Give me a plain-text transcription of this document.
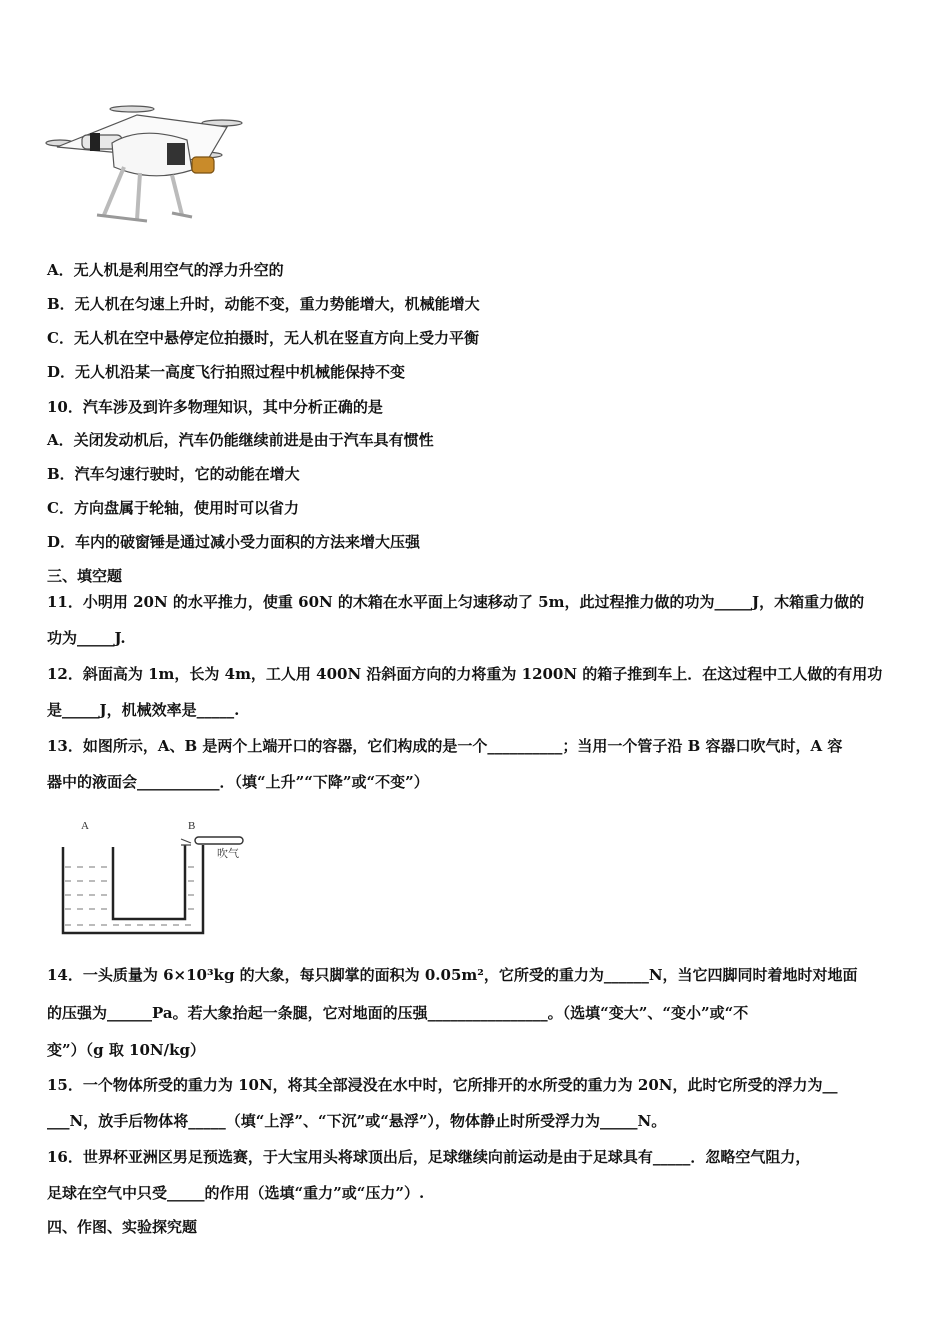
A．无人机是利用空气的浮力升空的
B．无人机在匀速上升时，动能不变，重力势能增大，机械能增大
C．无人机在空中悬停定位拍摄时，无人机在竖直方向上受力平衡
D．无人机沿某一高度飞行拍照过程中机械能保持不变
10．汽车涉及到许多物理知识，其中分析正确的是
A．关闭发动机后，汽车仍能继续前进是由于汽车具有惯性
B．汽车匀速行驶时，它的动能在增大
C．方向盘属于轮轴，使用时可以省力
D．车内的破窗锤是通过减小受力面积的方法来增大压强
三、填空题
11．小明用 20N 的水平推力，使重 60N 的木箱在水平面上匀速移动了 5m，此过程推力做的功为_____J，木箱重力做的
功为_____J.
12．斜面高为 1m，长为 4m，工人用 400N 沿斜面方向的力将重为 1200N 的箱子推到车上．在这过程中工人做的有用功
是_____J，机械效率是_____.
13．如图所示，A、B 是两个上端开口的容器，它们构成的是一个__________；当用一个管子沿 B 容器口吹气时，A 容
器中的液面会___________．（填“上升”“下降”或“不变”）
A	B
吹气
14．一头质量为 6×10³kg 的大象，每只脚掌的面积为 0.05m²，它所受的重力为______N，当它四脚同时着地时对地面
的压强为______Pa。若大象抬起一条腿，它对地面的压强________________。（选填“变大”、“变小”或“不
变”）（g 取 10N/kg）
15．一个物体所受的重力为 10N，将其全部浸没在水中时，它所排开的水所受的重力为 20N，此时它所受的浮力为__
___N，放手后物体将_____（填“上浮”、“下沉”或“悬浮”），物体静止时所受浮力为_____N。
16．世界杯亚洲区男足预选赛，于大宝用头将球顶出后，足球继续向前运动是由于足球具有_____．忽略空气阻力，
足球在空气中只受_____的作用（选填“重力”或“压力”）.
四、作图、实验探究题
